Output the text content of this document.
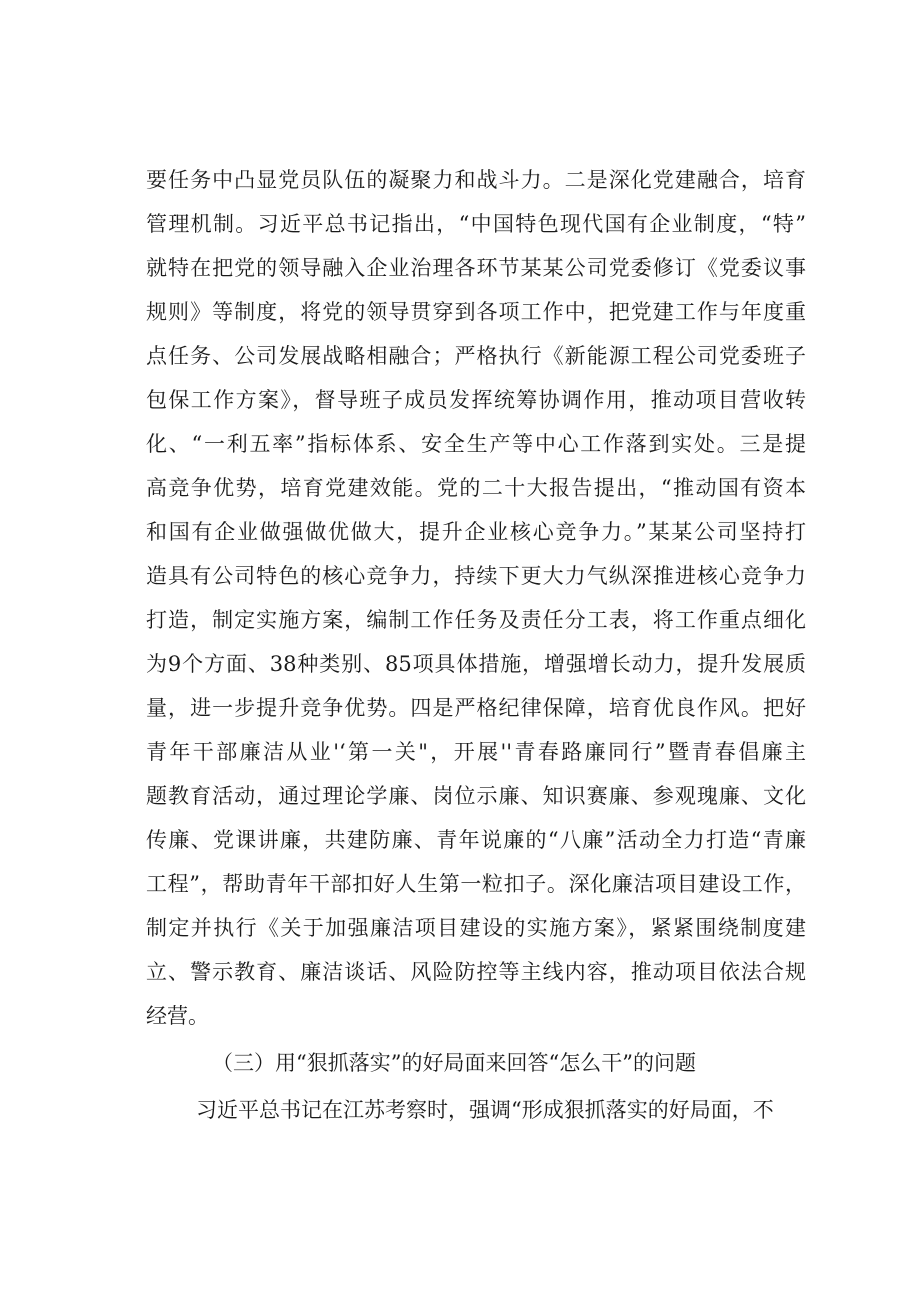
要任务中凸显党员队伍的凝聚力和战斗力。二是深化党建融合，培育
管理机制。习近平总书记指出，“中国特色现代国有企业制度，“特”
就特在把党的领导融入企业治理各环节某某公司党委修订《党委议事
规则》等制度，将党的领导贯穿到各项工作中，把党建工作与年度重
点任务、公司发展战略相融合；严格执行《新能源工程公司党委班子
包保工作方案》，督导班子成员发挥统筹协调作用，推动项目营收转
化、“一利五率”指标体系、安全生产等中心工作落到实处。三是提
高竞争优势，培育党建效能。党的二十大报告提出，“推动国有资本
和国有企业做强做优做大，提升企业核心竞争力。”某某公司坚持打
造具有公司特色的核心竞争力，持续下更大力气纵深推进核心竞争力
打造，制定实施方案，编制工作任务及责任分工表，将工作重点细化
为9个方面、38种类别、85项具体措施，增强增长动力，提升发展质
量，进一步提升竞争优势。四是严格纪律保障，培育优良作风。把好
青年干部廉洁从业'‘第一关"，开展''青春路廉同行”暨青春倡廉主
题教育活动，通过理论学廉、岗位示廉、知识赛廉、参观瑰廉、文化
传廉、党课讲廉，共建防廉、青年说廉的“八廉”活动全力打造“青廉
工程”，帮助青年干部扣好人生第一粒扣子。深化廉洁项目建设工作，
制定并执行《关于加强廉洁项目建设的实施方案》，紧紧围绕制度建
立、警示教育、廉洁谈话、风险防控等主线内容，推动项目依法合规
经营。
（三）用“狠抓落实”的好局面来回答“怎么干”的问题
习近平总书记在江苏考察时，强调“形成狠抓落实的好局面，不
